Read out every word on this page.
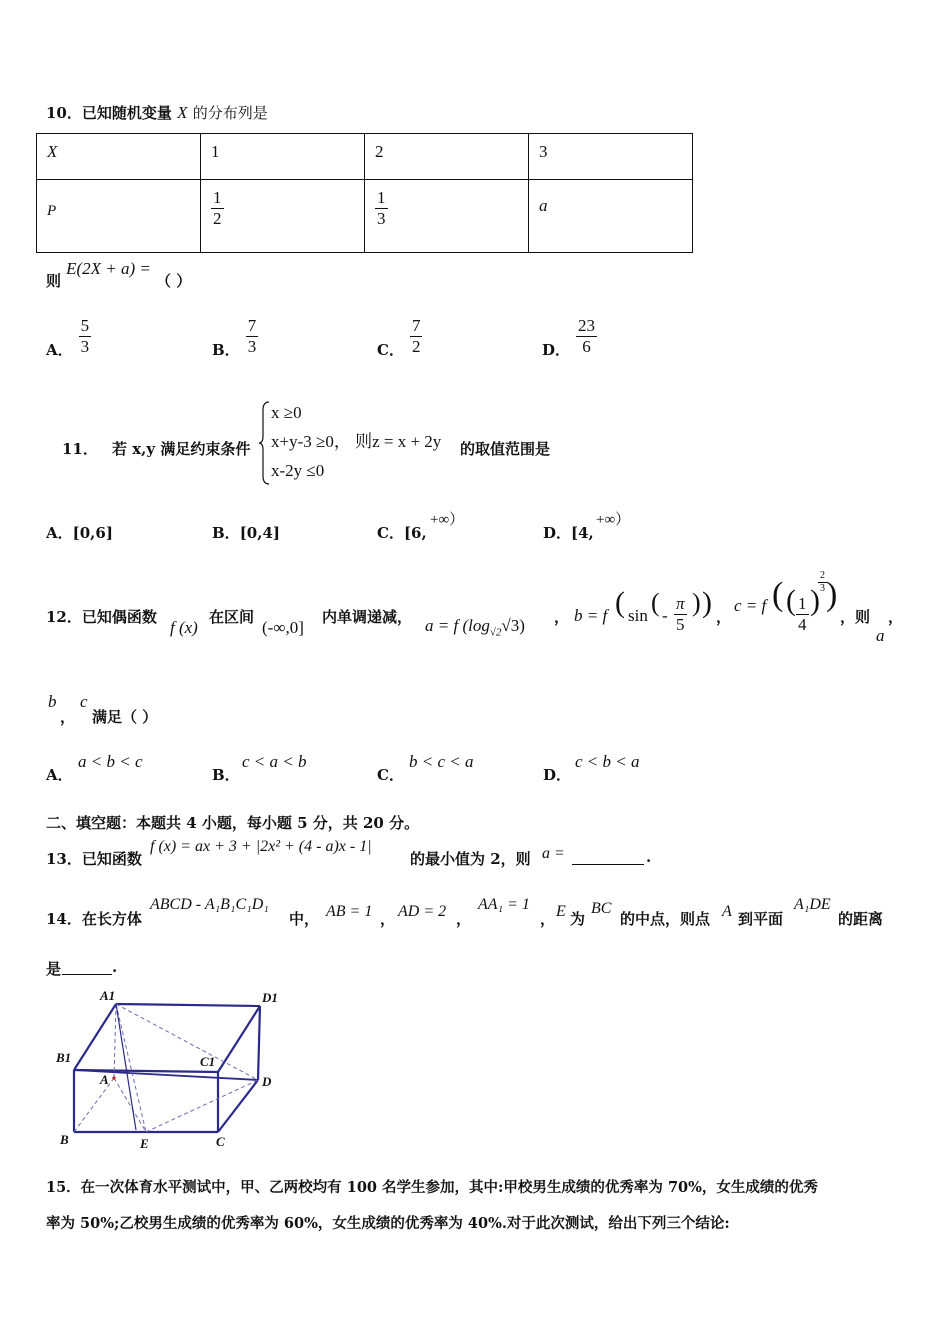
10．已知随机变量 X 的分布列是
X	1	2	3
P	$\frac{1}{2}$	$\frac{1}{3}$	a
则 E(2X + a) = （ ）
A． $\frac{5}{3}$	B． $\frac{7}{3}$	C． $\frac{7}{2}$	D． $\frac{23}{6}$
11． 若 x,y 满足约束条件
x ≥0
x+y-3 ≥0， 则z = x + 2y
x-2y ≤0
的取值范围是
A．[0,6]	B．[0,4]	C．[6,
+∞）
D．[4,
+∞）
12．已知偶函数
f (x)
在区间
(-∞,0]
内单调递减， a = f $(\log_{√2}√3)$ ， b = f ( sin ( - $\frac{\pi}{5}$ ) ) ，
c = f ( ( $\frac{1}{4}$ )
$\frac{2}{3}$ )
，则 ，
a
b
，
c
满足（ ）
A．
a < b < c
B．
c < a < b
C．
b < c < a
D．
c < b < a
二、填空题：本题共 4 小题，每小题 5 分，共 20 分。
13．已知函数
f (x) = ax + 3 + |2x² + (4 - a)x - 1|
的最小值为 2，则 a =	.
14．在长方体
ABCD - A₁B₁C₁D₁
中， AB = 1 ， AD = 2 ，
AA₁ = 1
， E 为
BC
的中点，则点 A 到平面
A₁DE
的距离
是	.
A1	D1
B1	C1
A	D
B	E	C
15．在一次体育水平测试中，甲、乙两校均有 100 名学生参加，其中:甲校男生成绩的优秀率为 70%，女生成绩的优秀
率为 50%;乙校男生成绩的优秀率为 60%，女生成绩的优秀率为 40%.对于此次测试，给出下列三个结论:
